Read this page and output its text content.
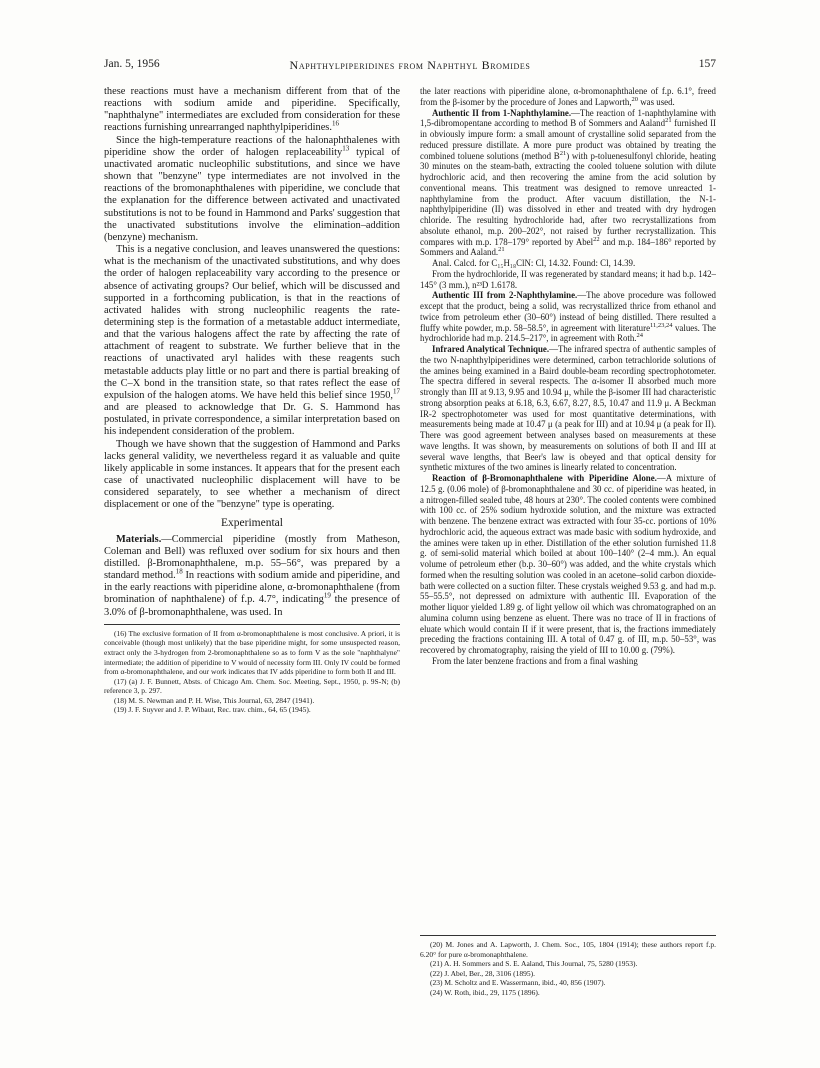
Jan. 5, 1956	Naphthylpiperidines from Naphthyl Bromides	157

these reactions must have a mechanism different from that of the reactions with sodium amide and piperidine. Specifically, "naphthalyne" intermediates are excluded from consideration for these reactions furnishing unrearranged naphthylpiperidines.$^{16}$

Since the high-temperature reactions of the halonaphthalenes with piperidine show the order of halogen replaceability$^{13}$ typical of unactivated aromatic nucleophilic substitutions, and since we have shown that "benzyne" type intermediates are not involved in the reactions of the bromonaphthalenes with piperidine, we conclude that the explanation for the difference between activated and unactivated substitutions is not to be found in Hammond and Parks' suggestion that the unactivated substitutions involve the elimination–addition (benzyne) mechanism.

This is a negative conclusion, and leaves unanswered the questions: what is the mechanism of the unactivated substitutions, and why does the order of halogen replaceability vary according to the presence or absence of activating groups? Our belief, which will be discussed and supported in a forthcoming publication, is that in the reactions of activated halides with strong nucleophilic reagents the rate-determining step is the formation of a metastable adduct intermediate, and that the various halogens affect the rate by affecting the rate of attachment of reagent to substrate. We further believe that in the reactions of unactivated aryl halides with these reagents such metastable adducts play little or no part and there is partial breaking of the C–X bond in the transition state, so that rates reflect the ease of expulsion of the halogen atoms. We have held this belief since 1950,17 and are pleased to acknowledge that Dr. G. S. Hammond has postulated, in private correspondence, a similar interpretation based on his independent consideration of the problem.

Though we have shown that the suggestion of Hammond and Parks lacks general validity, we nevertheless regard it as valuable and quite likely applicable in some instances. It appears that for the present each case of unactivated nucleophilic displacement will have to be considered separately, to see whether a mechanism of direct displacement or one of the "benzyne" type is operating.

Experimental

Materials.—Commercial piperidine (mostly from Matheson, Coleman and Bell) was refluxed over sodium for six hours and then distilled. β-Bromonaphthalene, m.p. 55–56°, was prepared by a standard method.$^{18}$ In reactions with sodium amide and piperidine, and in the early reactions with piperidine alone, α-bromonaphthalene (from bromination of naphthalene) of f.p. 4.7°, indicating$^{19}$ the presence of 3.0% of β-bromonaphthalene, was used. In

(16) The exclusive formation of II from α-bromonaphthalene is most conclusive. A priori, it is conceivable (though most unlikely) that the base piperidine might, for some unsuspected reason, extract only the 3-hydrogen from 2-bromonaphthalene so as to form V as the sole "naphthalyne" intermediate; the addition of piperidine to V would of necessity form III. Only IV could be formed from α-bromonaphthalene, and our work indicates that IV adds piperidine to form both II and III.

(17) (a) J. F. Bunnett, Absts. of Chicago Am. Chem. Soc. Meeting, Sept., 1950, p. 9S-N; (b) reference 3, p. 297.

(18) M. S. Newman and P. H. Wise, This Journal, 63, 2847 (1941).

(19) J. F. Suyver and J. P. Wibaut, Rec. trav. chim., 64, 65 (1945).

the later reactions with piperidine alone, α-bromonaphthalene of f.p. 6.1°, freed from the β-isomer by the procedure of Jones and Lapworth,$^{20}$ was used.

Authentic II from 1-Naphthylamine.—The reaction of 1-naphthylamine with 1,5-dibromopentane according to method B of Sommers and Aaland$^{21}$ furnished II in obviously impure form: a small amount of crystalline solid separated from the reduced pressure distillate. A more pure product was obtained by treating the combined toluene solutions (method $B^{21}$) with p-toluenesulfonyl chloride, heating 30 minutes on the steam-bath, extracting the cooled toluene solution with dilute hydrochloric acid, and then recovering the amine from the acid solution by conventional means. This treatment was designed to remove unreacted 1-naphthylamine from the product. After vacuum distillation, the N-1-naphthylpiperidine (II) was dissolved in ether and treated with dry hydrogen chloride. The resulting hydrochloride had, after two recrystallizations from absolute ethanol, m.p. 200–202°, not raised by further recrystallization. This compares with m.p. 178–179° reported by Abel$^{22}$ and m.p. 184–186° reported by Sommers and Aaland.$^{21}$

Anal. Calcd. for C₁₅H₁₈ClN: Cl, 14.32. Found: Cl, 14.39.

From the hydrochloride, II was regenerated by standard means; it had b.p. 142–145° (3 mm.), n²³D 1.6178.

Authentic III from 2-Naphthylamine.—The above procedure was followed except that the product, being a solid, was recrystallized thrice from ethanol and twice from petroleum ether (30–60°) instead of being distilled. There resulted a fluffy white powder, m.p. 58–58.5°, in agreement with literature$^{11,23,24}$ values. The hydrochloride had m.p. 214.5–217°, in agreement with Roth.$^{24}$

Infrared Analytical Technique.—The infrared spectra of authentic samples of the two N-naphthylpiperidines were determined, carbon tetrachloride solutions of the amines being examined in a Baird double-beam recording spectrophotometer. The spectra differed in several respects. The α-isomer II absorbed much more strongly than III at 9.13, 9.95 and 10.94 μ, while the β-isomer III had characteristic strong absorption peaks at 6.18, 6.3, 6.67, 8.27, 8.5, 10.47 and 11.9 μ. A Beckman IR-2 spectrophotometer was used for most quantitative determinations, with measurements being made at 10.47 μ (a peak for III) and at 10.94 μ (a peak for II). There was good agreement between analyses based on measurements at these wave lengths. It was shown, by measurements on solutions of both II and III at several wave lengths, that Beer's law is obeyed and that optical density for synthetic mixtures of the two amines is linearly related to concentration.

Reaction of β-Bromonaphthalene with Piperidine Alone.—A mixture of 12.5 g. (0.06 mole) of β-bromonaphthalene and 30 cc. of piperidine was heated, in a nitrogen-filled sealed tube, 48 hours at 230°. The cooled contents were combined with 100 cc. of 25% sodium hydroxide solution, and the mixture was extracted with benzene. The benzene extract was extracted with four 35-cc. portions of 10% hydrochloric acid, the aqueous extract was made basic with sodium hydroxide, and the amines were taken up in ether. Distillation of the ether solution furnished 11.8 g. of semi-solid material which boiled at about 100–140° (2–4 mm.). An equal volume of petroleum ether (b.p. 30–60°) was added, and the white crystals which formed when the resulting solution was cooled in an acetone–solid carbon dioxide-bath were collected on a suction filter. These crystals weighed 9.53 g. and had m.p. 55–55.5°, not depressed on admixture with authentic III. Evaporation of the mother liquor yielded 1.89 g. of light yellow oil which was chromatographed on an alumina column using benzene as eluent. There was no trace of II in fractions of eluate which would contain II if it were present, that is, the fractions immediately preceding the fractions containing III. A total of 0.47 g. of III, m.p. 50–53°, was recovered by chromatography, raising the yield of III to 10.00 g. (79%).

From the later benzene fractions and from a final washing

(20) M. Jones and A. Lapworth, J. Chem. Soc., 105, 1804 (1914); these authors report f.p. 6.20° for pure α-bromonaphthalene.

(21) A. H. Sommers and S. E. Aaland, This Journal, 75, 5280 (1953).

(22) J. Abel, Ber., 28, 3106 (1895).

(23) M. Scholtz and E. Wassermann, ibid., 40, 856 (1907).

(24) W. Roth, ibid., 29, 1175 (1896).
